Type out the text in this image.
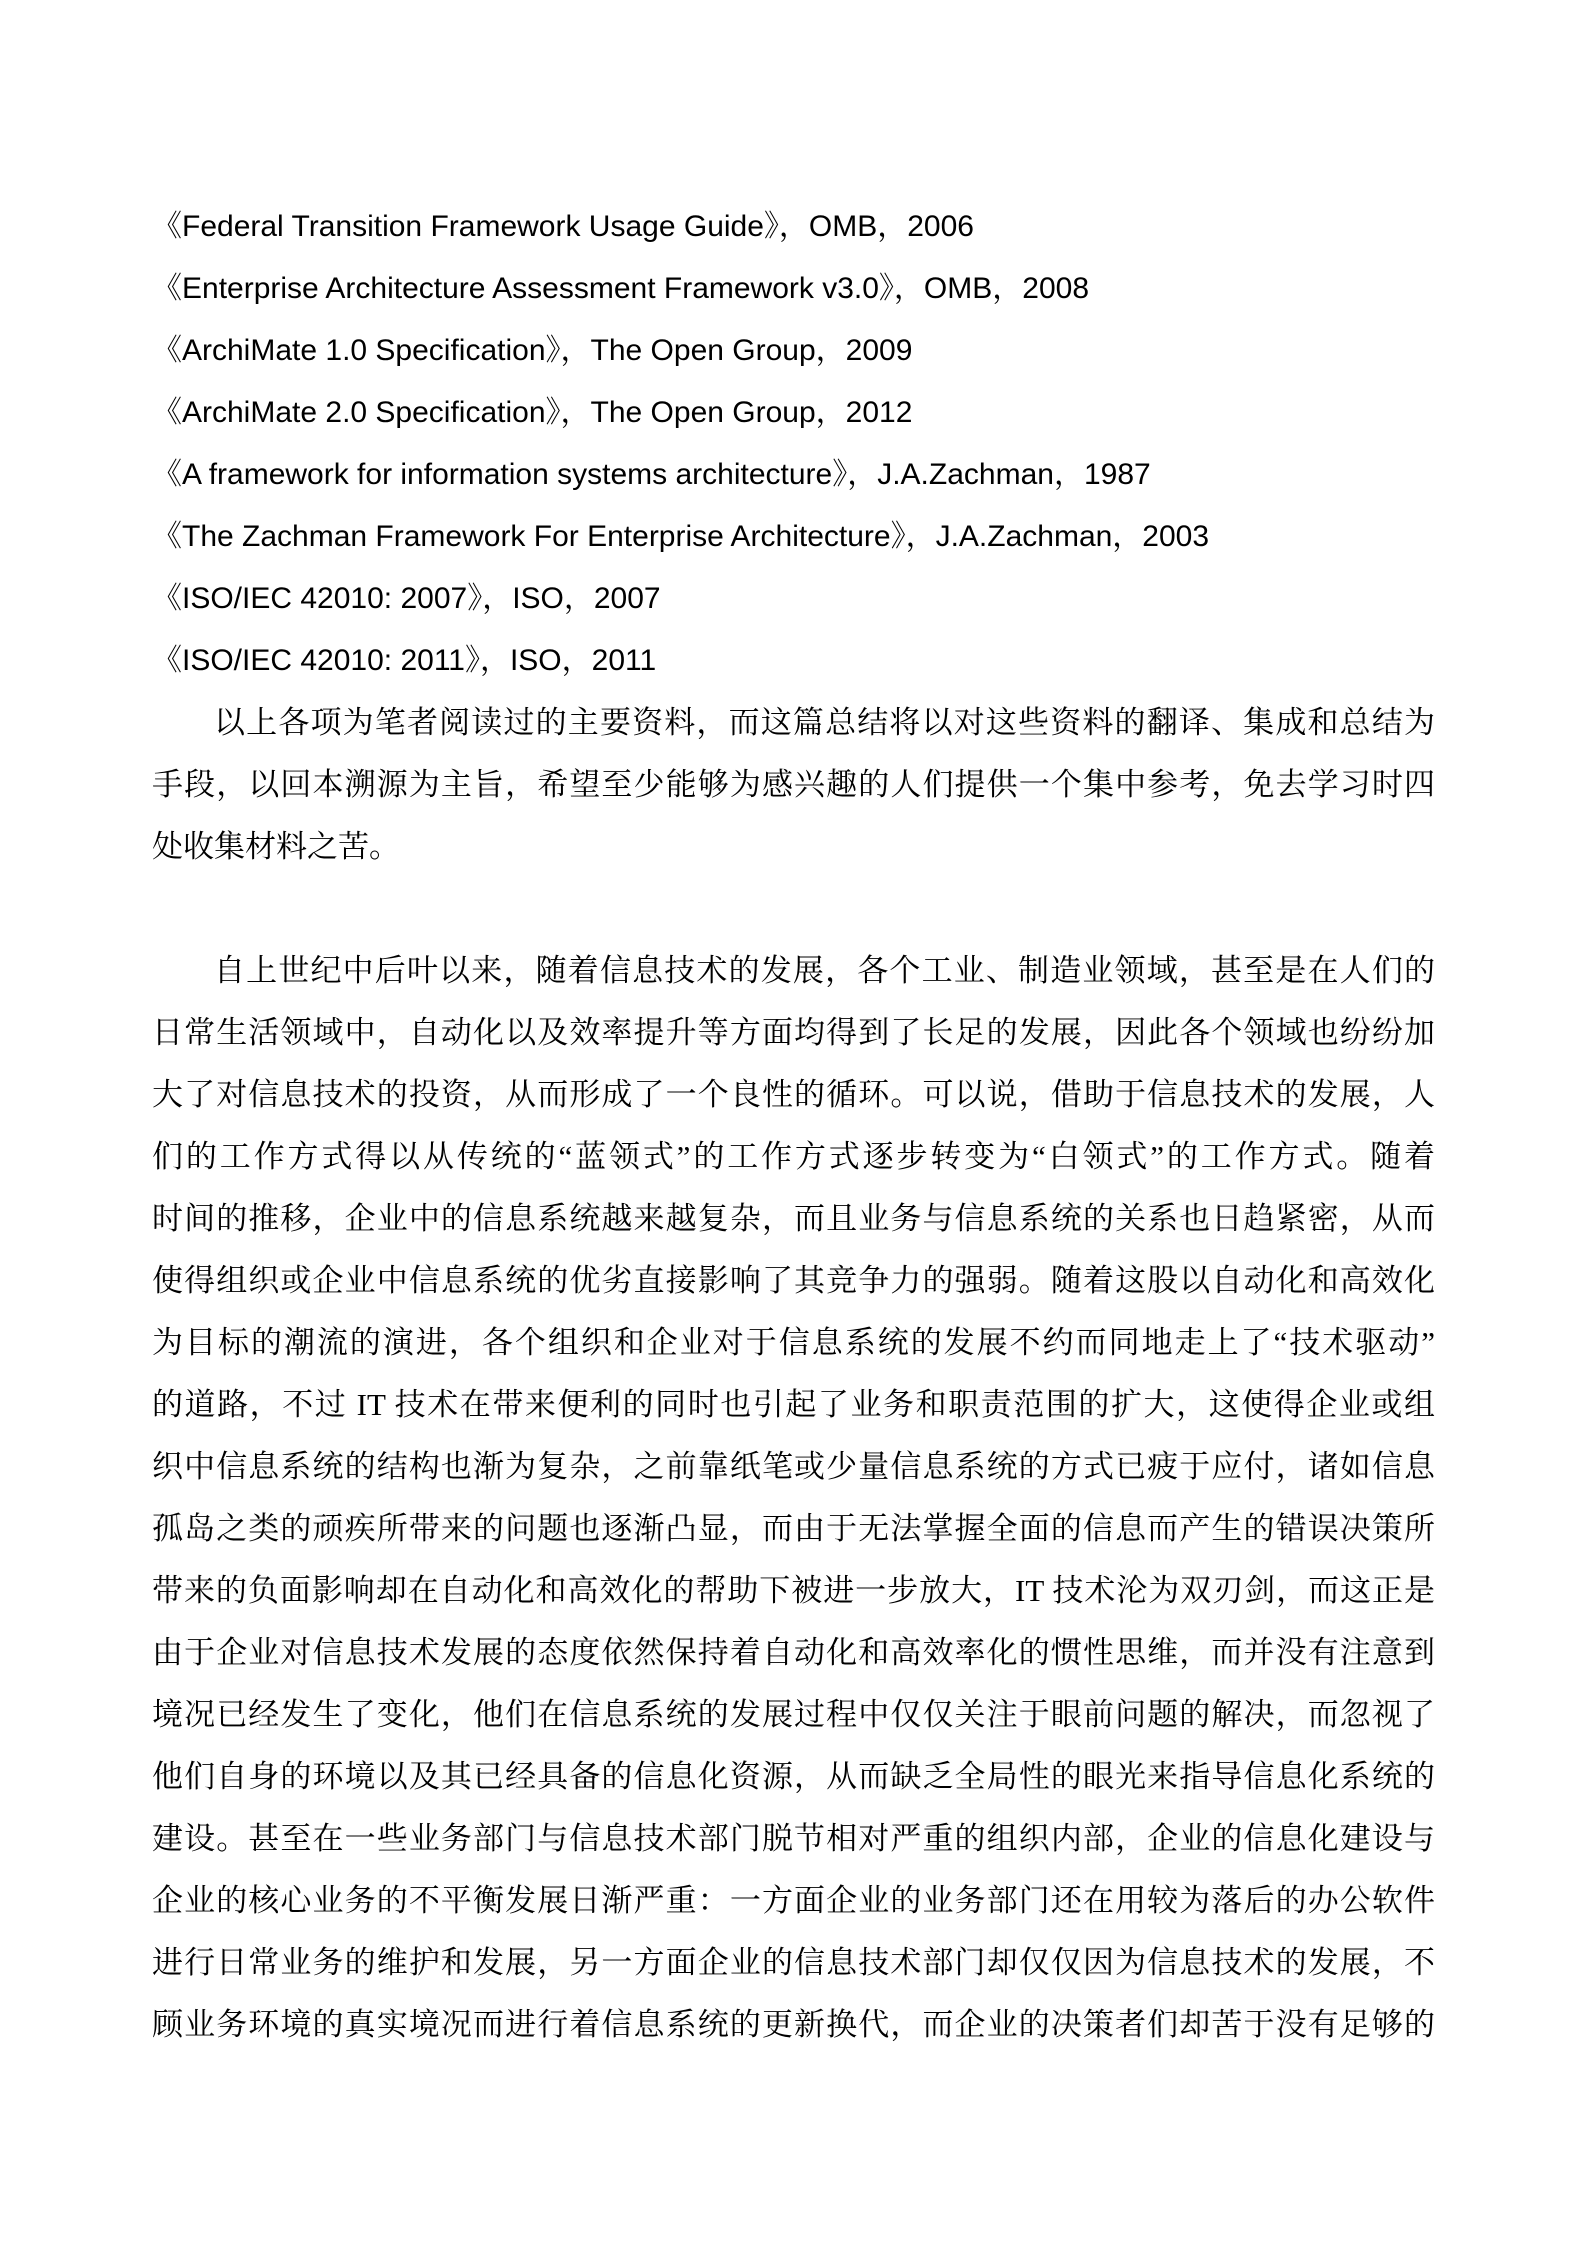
《Federal Transition Framework Usage Guide》，OMB，2006

《Enterprise Architecture Assessment Framework v3.0》，OMB，2008

《ArchiMate 1.0 Specification》，The Open Group，2009

《ArchiMate 2.0 Specification》，The Open Group，2012

《A framework for information systems architecture》，J.A.Zachman，1987

《The Zachman Framework For Enterprise Architecture》，J.A.Zachman，2003

《ISO/IEC 42010: 2007》，ISO，2007

《ISO/IEC 42010: 2011》，ISO，2011

以上各项为笔者阅读过的主要资料，而这篇总结将以对这些资料的翻译、集成和总结为

手段，以回本溯源为主旨，希望至少能够为感兴趣的人们提供一个集中参考，免去学习时四

处收集材料之苦。

自上世纪中后叶以来，随着信息技术的发展，各个工业、制造业领域，甚至是在人们的

日常生活领域中，自动化以及效率提升等方面均得到了长足的发展，因此各个领域也纷纷加

大了对信息技术的投资，从而形成了一个良性的循环。可以说，借助于信息技术的发展，人

们的工作方式得以从传统的“蓝领式”的工作方式逐步转变为“白领式”的工作方式。随着

时间的推移，企业中的信息系统越来越复杂，而且业务与信息系统的关系也日趋紧密，从而

使得组织或企业中信息系统的优劣直接影响了其竞争力的强弱。随着这股以自动化和高效化

为目标的潮流的演进，各个组织和企业对于信息系统的发展不约而同地走上了“技术驱动”

的道路，不过 IT 技术在带来便利的同时也引起了业务和职责范围的扩大，这使得企业或组

织中信息系统的结构也渐为复杂，之前靠纸笔或少量信息系统的方式已疲于应付，诸如信息

孤岛之类的顽疾所带来的问题也逐渐凸显，而由于无法掌握全面的信息而产生的错误决策所

带来的负面影响却在自动化和高效化的帮助下被进一步放大，IT 技术沦为双刃剑，而这正是

由于企业对信息技术发展的态度依然保持着自动化和高效率化的惯性思维，而并没有注意到

境况已经发生了变化，他们在信息系统的发展过程中仅仅关注于眼前问题的解决，而忽视了

他们自身的环境以及其已经具备的信息化资源，从而缺乏全局性的眼光来指导信息化系统的

建设。甚至在一些业务部门与信息技术部门脱节相对严重的组织内部，企业的信息化建设与

企业的核心业务的不平衡发展日渐严重：一方面企业的业务部门还在用较为落后的办公软件

进行日常业务的维护和发展，另一方面企业的信息技术部门却仅仅因为信息技术的发展，不

顾业务环境的真实境况而进行着信息系统的更新换代，而企业的决策者们却苦于没有足够的
